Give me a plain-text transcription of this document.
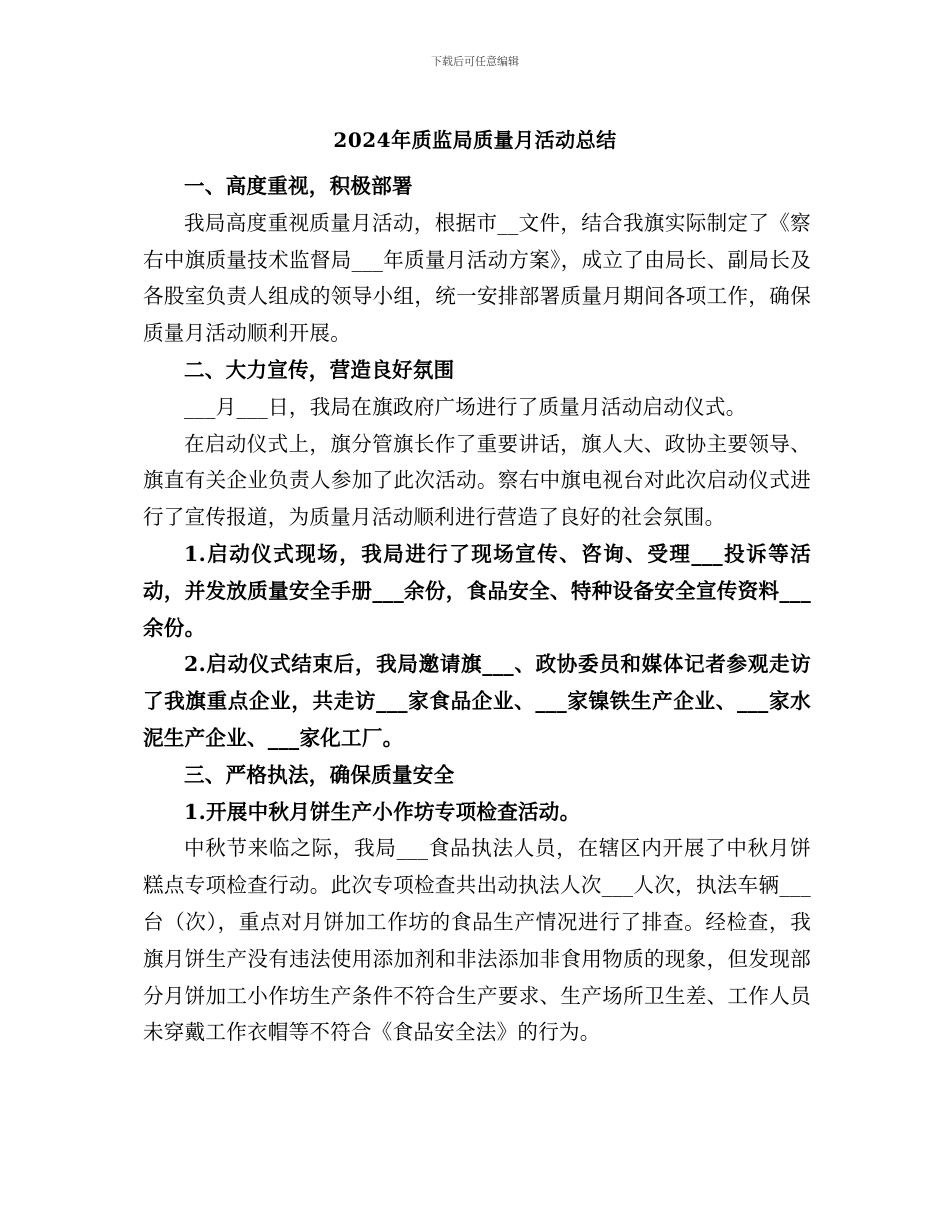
下载后可任意编辑
2024年质监局质量月活动总结

一、高度重视，积极部署

我局高度重视质量月活动，根据市__文件，结合我旗实际制定了《察右中旗质量技术监督局___年质量月活动方案》，成立了由局长、副局长及各股室负责人组成的领导小组，统一安排部署质量月期间各项工作，确保质量月活动顺利开展。

二、大力宣传，营造良好氛围

___月___日，我局在旗政府广场进行了质量月活动启动仪式。

在启动仪式上，旗分管旗长作了重要讲话，旗人大、政协主要领导、旗直有关企业负责人参加了此次活动。察右中旗电视台对此次启动仪式进行了宣传报道，为质量月活动顺利进行营造了良好的社会氛围。

1.启动仪式现场，我局进行了现场宣传、咨询、受理___投诉等活动，并发放质量安全手册___余份，食品安全、特种设备安全宣传资料___余份。

2.启动仪式结束后，我局邀请旗___、政协委员和媒体记者参观走访了我旗重点企业，共走访___家食品企业、___家镍铁生产企业、___家水泥生产企业、___家化工厂。

三、严格执法，确保质量安全

1.开展中秋月饼生产小作坊专项检查活动。

中秋节来临之际，我局___食品执法人员，在辖区内开展了中秋月饼糕点专项检查行动。此次专项检查共出动执法人次___人次，执法车辆___台（次），重点对月饼加工作坊的食品生产情况进行了排查。经检查，我旗月饼生产没有违法使用添加剂和非法添加非食用物质的现象，但发现部分月饼加工小作坊生产条件不符合生产要求、生产场所卫生差、工作人员未穿戴工作衣帽等不符合《食品安全法》的行为。
